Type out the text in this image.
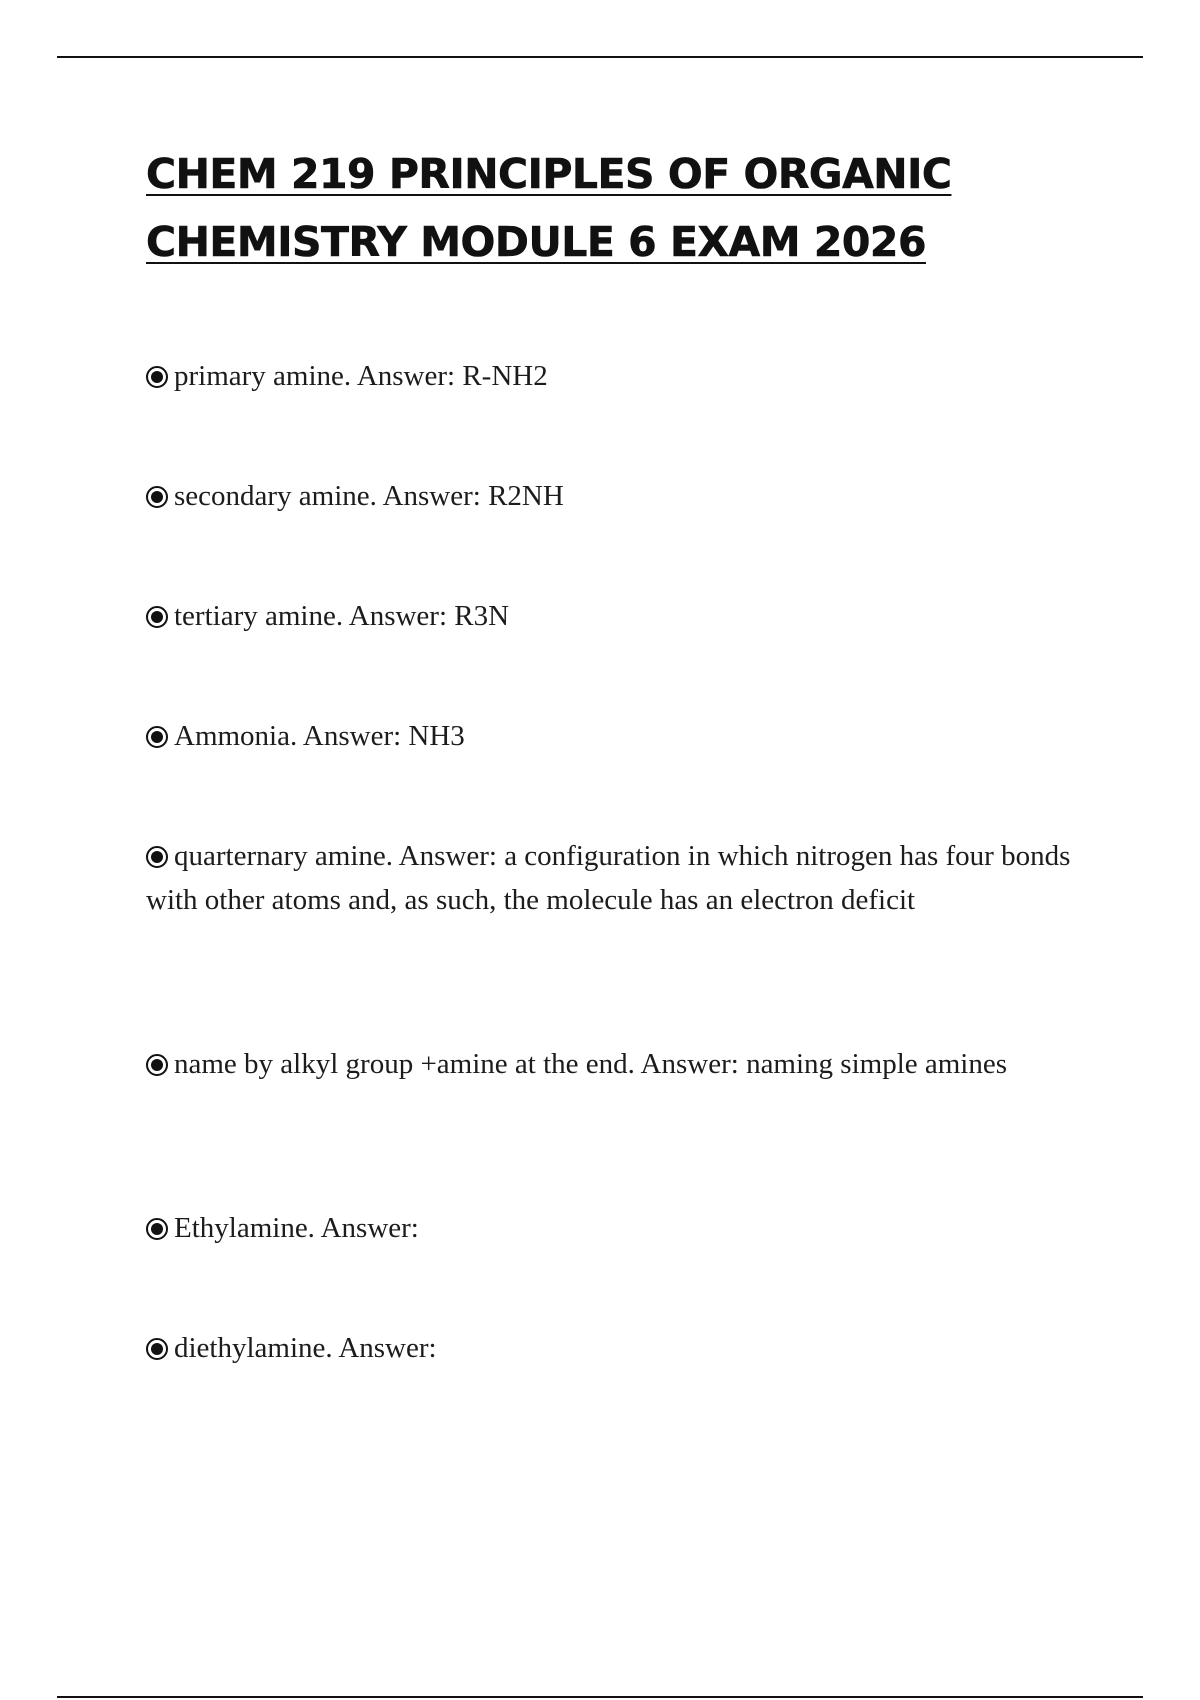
CHEM 219 PRINCIPLES OF ORGANIC
CHEMISTRY MODULE 6 EXAM 2026

primary amine. Answer: R-NH2

secondary amine. Answer: R2NH

tertiary amine. Answer: R3N

Ammonia. Answer: NH3

quarternary amine. Answer: a configuration in which nitrogen has four bonds with other atoms and, as such, the molecule has an electron deficit

name by alkyl group +amine at the end. Answer: naming simple amines

Ethylamine. Answer:

diethylamine. Answer:
